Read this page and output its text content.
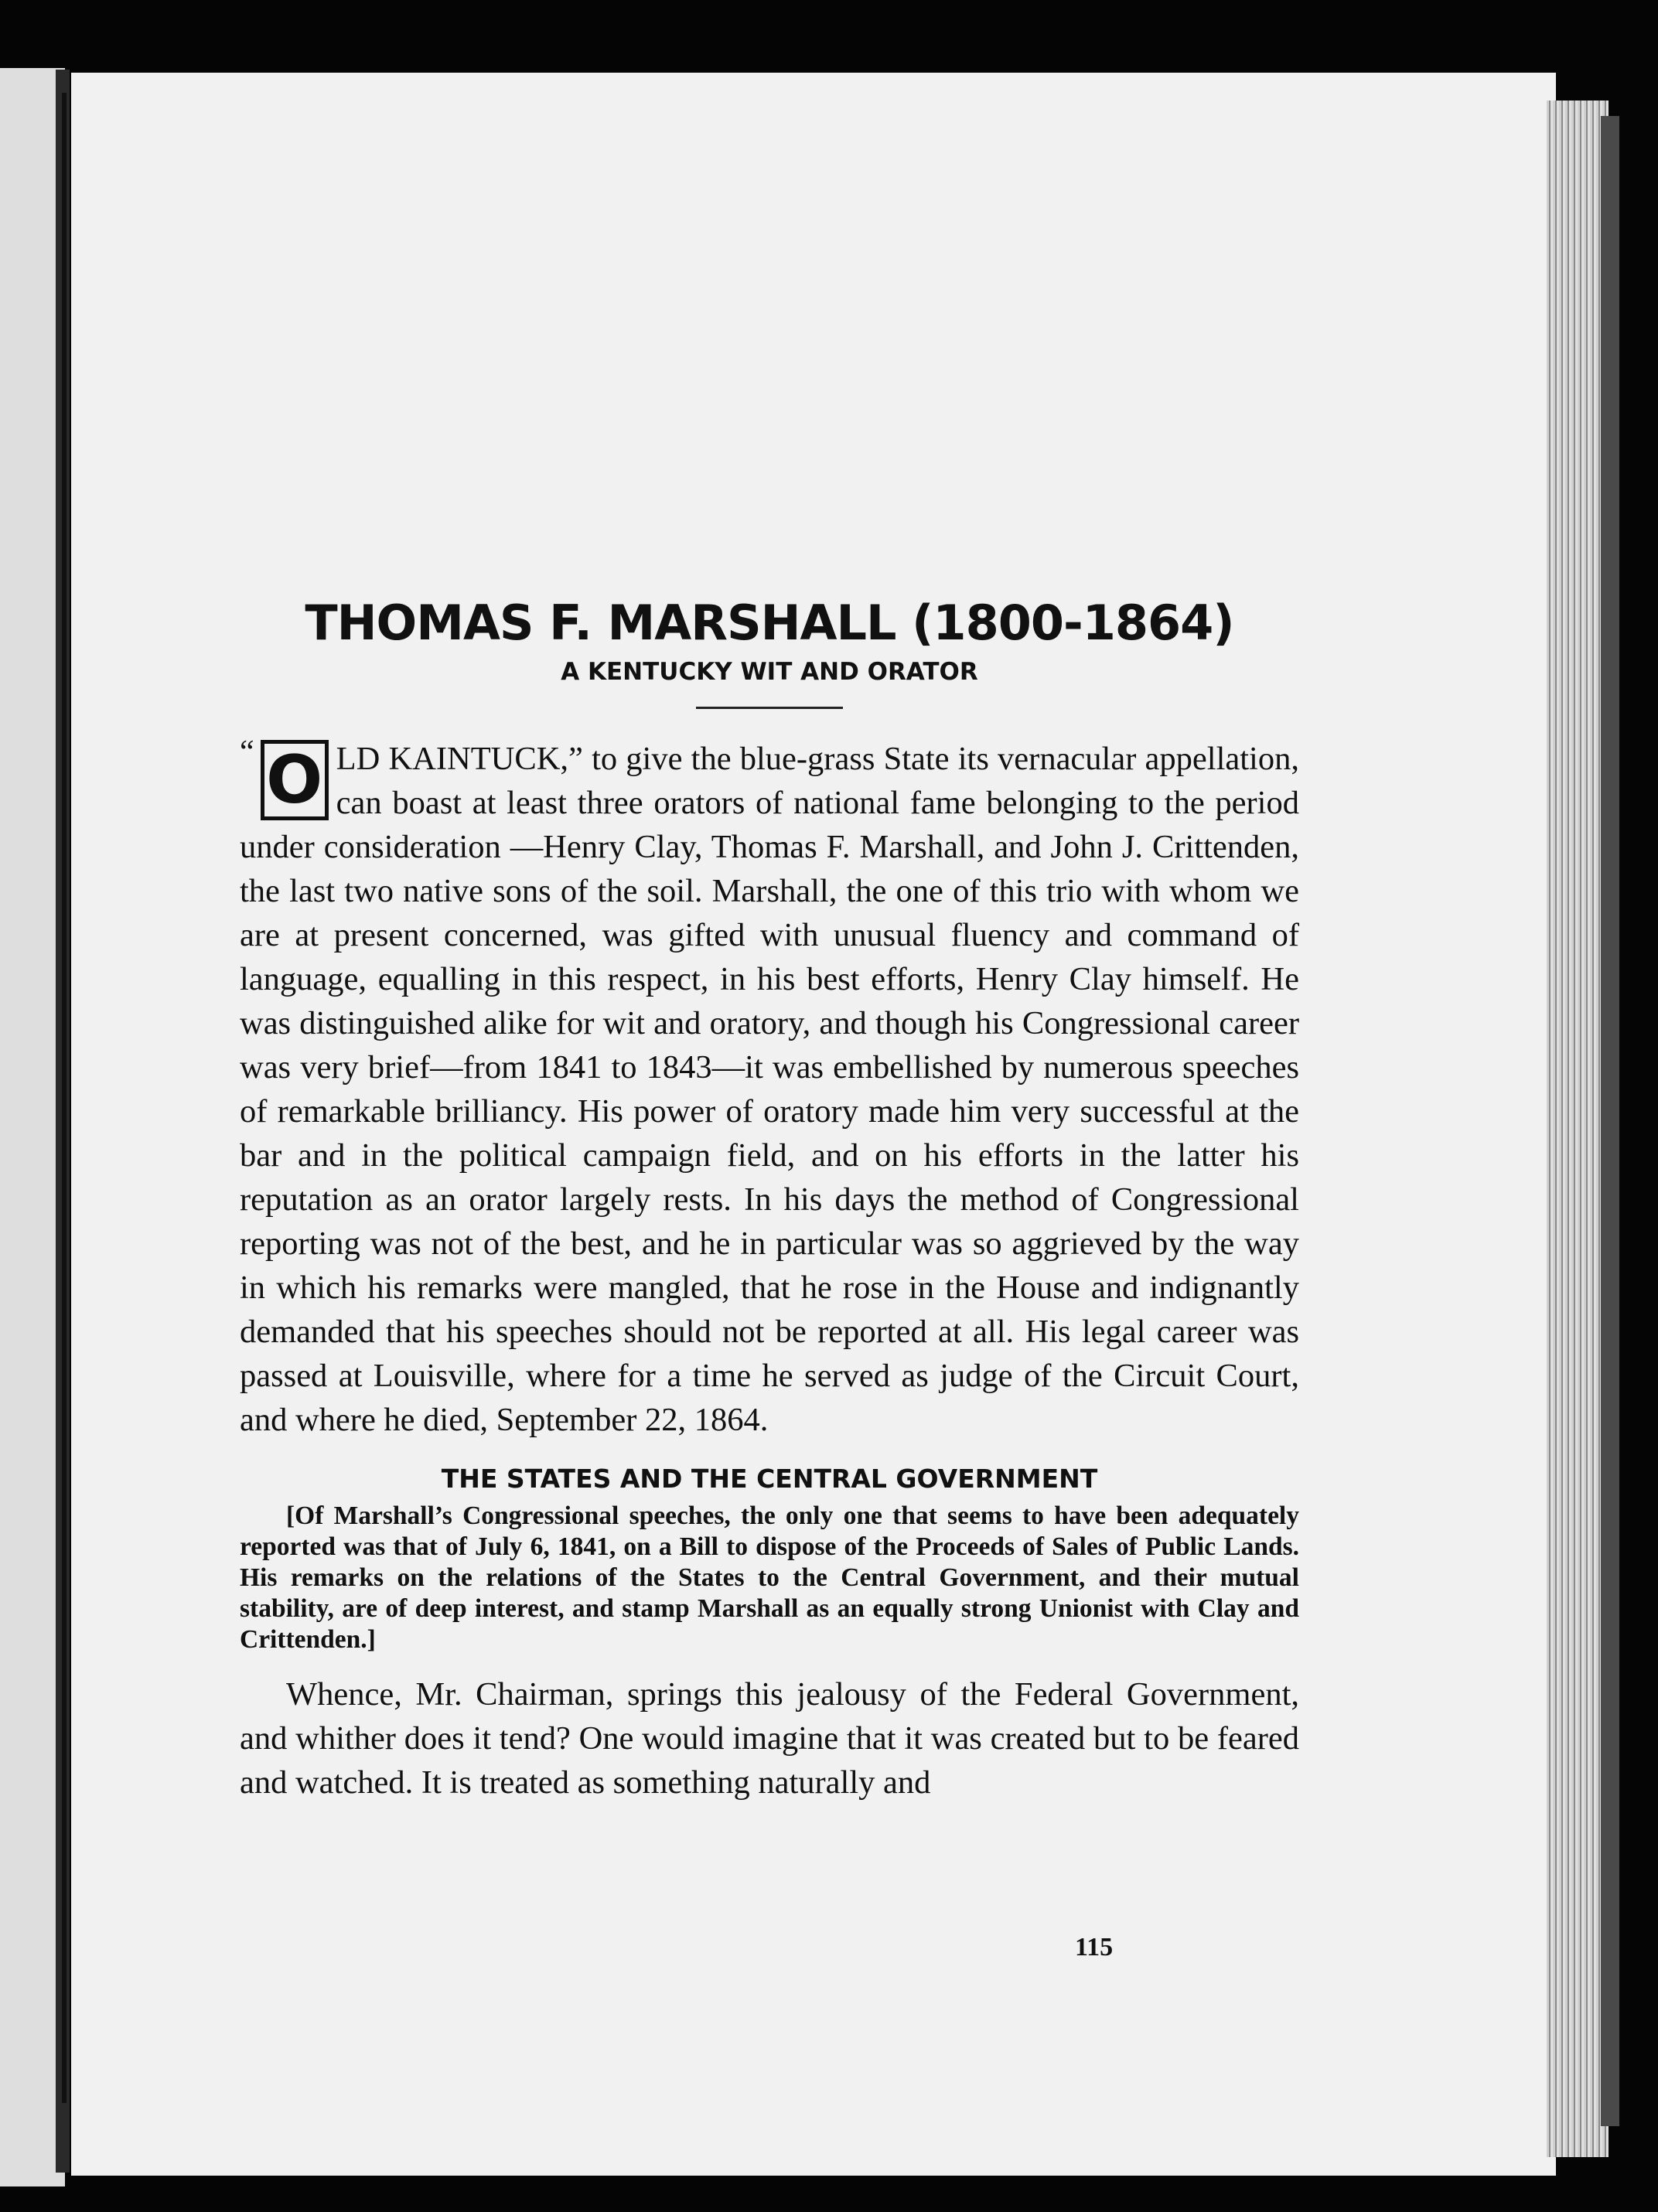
THOMAS F. MARSHALL (1800-1864)
A KENTUCKY WIT AND ORATOR

“ O LD KAINTUCK,” to give the blue-grass State its vernacular appellation, can boast at least three orators of national fame belonging to the period under consideration —Henry Clay, Thomas F. Marshall, and John J. Crittenden, the last two native sons of the soil. Marshall, the one of this trio with whom we are at present concerned, was gifted with unusual fluency and command of language, equalling in this respect, in his best efforts, Henry Clay himself. He was distinguished alike for wit and oratory, and though his Congressional career was very brief—from 1841 to 1843—it was embellished by numerous speeches of remarkable brilliancy. His power of oratory made him very successful at the bar and in the political campaign field, and on his efforts in the latter his reputation as an orator largely rests. In his days the method of Congressional reporting was not of the best, and he in particular was so aggrieved by the way in which his remarks were mangled, that he rose in the House and indignantly demanded that his speeches should not be reported at all. His legal career was passed at Louisville, where for a time he served as judge of the Circuit Court, and where he died, September 22, 1864.

THE STATES AND THE CENTRAL GOVERNMENT

[Of Marshall’s Congressional speeches, the only one that seems to have been adequately reported was that of July 6, 1841, on a Bill to dispose of the Proceeds of Sales of Public Lands. His remarks on the relations of the States to the Central Government, and their mutual stability, are of deep interest, and stamp Marshall as an equally strong Unionist with Clay and Crittenden.]

Whence, Mr. Chairman, springs this jealousy of the Federal Government, and whither does it tend? One would imagine that it was created but to be feared and watched. It is treated as something naturally and

115
